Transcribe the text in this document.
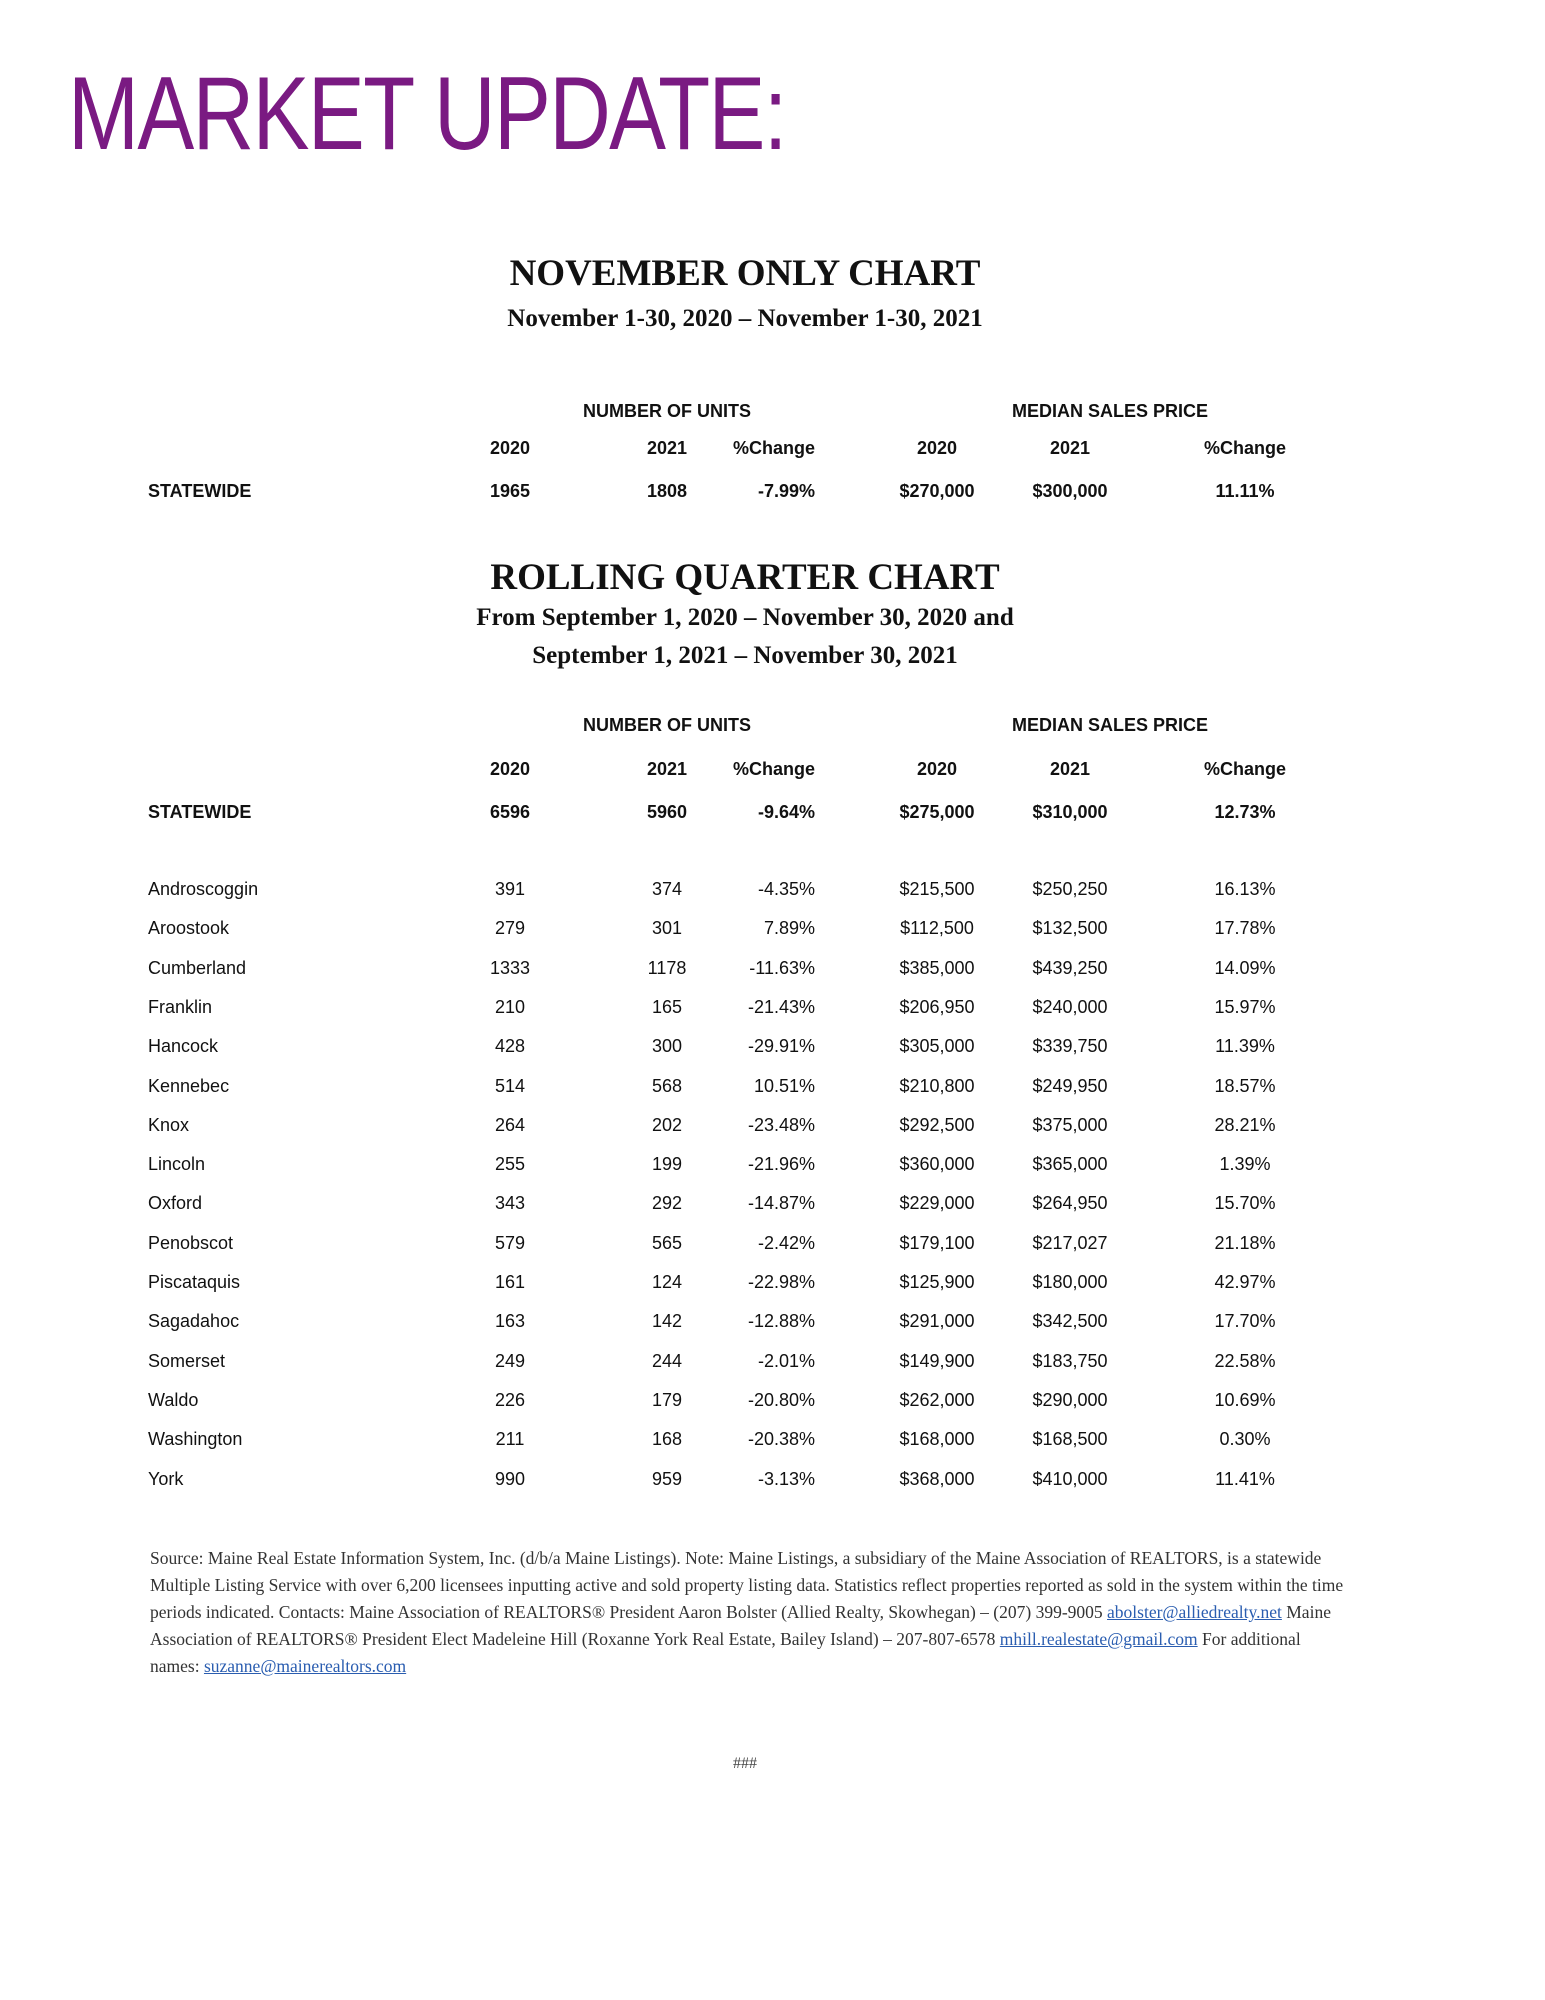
MARKET UPDATE:
NOVEMBER ONLY CHART
November 1-30, 2020 – November 1-30, 2021
NUMBER OF UNITS	MEDIAN SALES PRICE
2020	2021	%Change	2020	2021	%Change
STATEWIDE	1965	1808	-7.99%	$270,000	$300,000	11.11%
ROLLING QUARTER CHART
From September 1, 2020 – November 30, 2020 and
September 1, 2021 – November 30, 2021
NUMBER OF UNITS	MEDIAN SALES PRICE
2020	2021	%Change	2020	2021	%Change
STATEWIDE	6596	5960	-9.64%	$275,000	$310,000	12.73%
Androscoggin	391	374	-4.35%	$215,500	$250,250	16.13%
Aroostook	279	301	7.89%	$112,500	$132,500	17.78%
Cumberland	1333	1178	-11.63%	$385,000	$439,250	14.09%
Franklin	210	165	-21.43%	$206,950	$240,000	15.97%
Hancock	428	300	-29.91%	$305,000	$339,750	11.39%
Kennebec	514	568	10.51%	$210,800	$249,950	18.57%
Knox	264	202	-23.48%	$292,500	$375,000	28.21%
Lincoln	255	199	-21.96%	$360,000	$365,000	1.39%
Oxford	343	292	-14.87%	$229,000	$264,950	15.70%
Penobscot	579	565	-2.42%	$179,100	$217,027	21.18%
Piscataquis	161	124	-22.98%	$125,900	$180,000	42.97%
Sagadahoc	163	142	-12.88%	$291,000	$342,500	17.70%
Somerset	249	244	-2.01%	$149,900	$183,750	22.58%
Waldo	226	179	-20.80%	$262,000	$290,000	10.69%
Washington	211	168	-20.38%	$168,000	$168,500	0.30%
York	990	959	-3.13%	$368,000	$410,000	11.41%

Source: Maine Real Estate Information System, Inc. (d/b/a Maine Listings). Note: Maine Listings, a subsidiary of the Maine Association of REALTORS, is a statewide Multiple Listing Service with over 6,200 licensees inputting active and sold property listing data. Statistics reflect properties reported as sold in the system within the time periods indicated. Contacts: Maine Association of REALTORS® President Aaron Bolster (Allied Realty, Skowhegan) – (207) 399-9005 abolster@alliedrealty.net Maine Association of REALTORS® President Elect Madeleine Hill (Roxanne York Real Estate, Bailey Island) – 207-807-6578 mhill.realestate@gmail.com For additional names: suzanne@mainerealtors.com

###
